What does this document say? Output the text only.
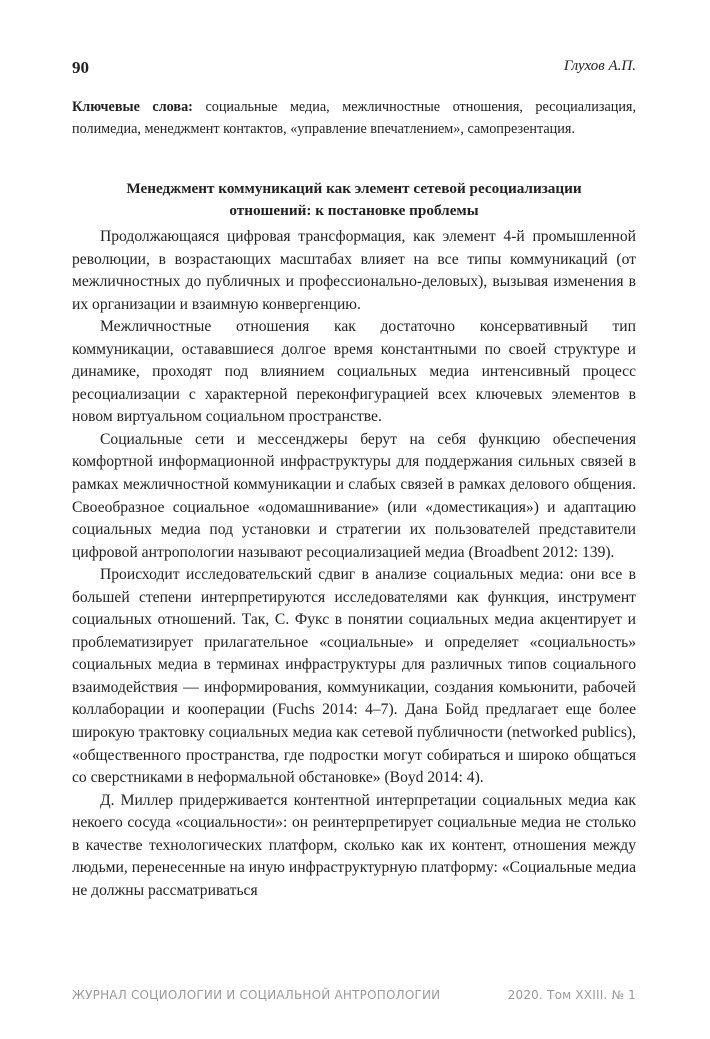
90	Глухов А.П.

Ключевые слова: социальные медиа, межличностные отношения, ресоциализация, полимедиа, менеджмент контактов, «управление впечатлением», самопрезентация.

Менеджмент коммуникаций как элемент сетевой ресоциализации
отношений: к постановке проблемы

Продолжающаяся цифровая трансформация, как элемент 4-й промышленной революции, в возрастающих масштабах влияет на все типы коммуникаций (от межличностных до публичных и профессионально-деловых), вызывая изменения в их организации и взаимную конвергенцию.

Межличностные отношения как достаточно консервативный тип коммуникации, остававшиеся долгое время константными по своей структуре и динамике, проходят под влиянием социальных медиа интенсивный процесс ресоциализации с характерной переконфигурацией всех ключевых элементов в новом виртуальном социальном пространстве.

Социальные сети и мессенджеры берут на себя функцию обеспечения комфортной информационной инфраструктуры для поддержания сильных связей в рамках межличностной коммуникации и слабых связей в рамках делового общения. Своеобразное социальное «одомашнивание» (или «доместикация») и адаптацию социальных медиа под установки и стратегии их пользователей представители цифровой антропологии называют ресоциализацией медиа (Broadbent 2012: 139).

Происходит исследовательский сдвиг в анализе социальных медиа: они все в большей степени интерпретируются исследователями как функция, инструмент социальных отношений. Так, С. Фукс в понятии социальных медиа акцентирует и проблематизирует прилагательное «социальные» и определяет «социальность» социальных медиа в терминах инфраструктуры для различных типов социального взаимодействия — информирования, коммуникации, создания комьюнити, рабочей коллаборации и кооперации (Fuchs 2014: 4–7). Дана Бойд предлагает еще более широкую трактовку социальных медиа как сетевой публичности (networked publics), «общественного пространства, где подростки могут собираться и широко общаться со сверстниками в неформальной обстановке» (Boyd 2014: 4).

Д. Миллер придерживается контентной интерпретации социальных медиа как некоего сосуда «социальности»: он реинтерпретирует социальные медиа не столько в качестве технологических платформ, сколько как их контент, отношения между людьми, перенесенные на иную инфраструктурную платформу: «Социальные медиа не должны рассматриваться

ЖУРНАЛ СОЦИОЛОГИИ И СОЦИАЛЬНОЙ АНТРОПОЛОГИИ	2020. Том XXIII. № 1
